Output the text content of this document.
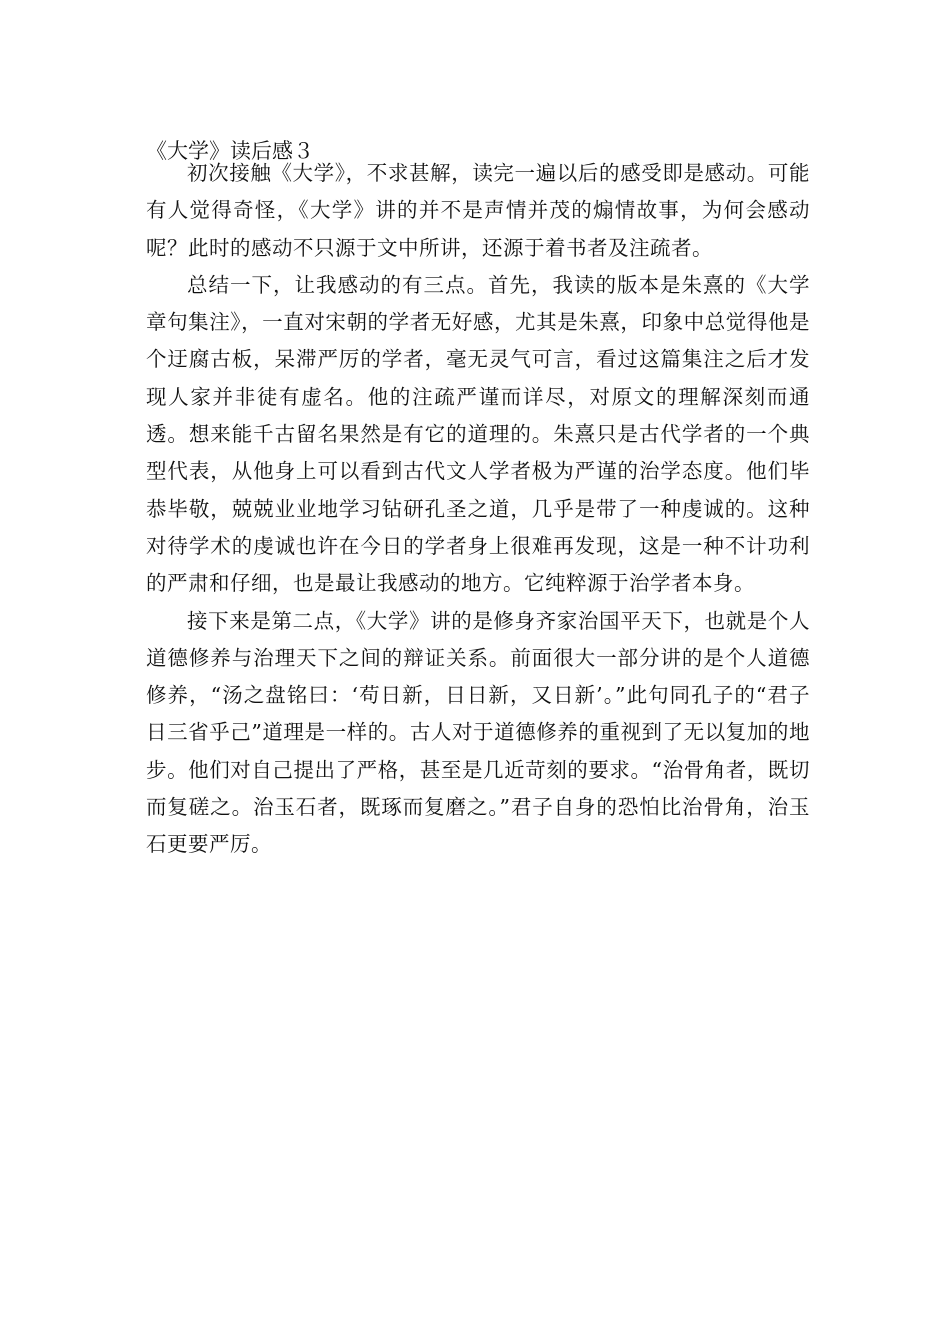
《大学》读后感３

初次接触《大学》，不求甚解，读完一遍以后的感受即是感动。可能有人觉得奇怪，《大学》讲的并不是声情并茂的煽情故事，为何会感动呢？此时的感动不只源于文中所讲，还源于着书者及注疏者。

总结一下，让我感动的有三点。首先，我读的版本是朱熹的《大学章句集注》，一直对宋朝的学者无好感，尤其是朱熹，印象中总觉得他是个迂腐古板，呆滞严厉的学者，毫无灵气可言，看过这篇集注之后才发现人家并非徒有虚名。他的注疏严谨而详尽，对原文的理解深刻而通透。想来能千古留名果然是有它的道理的。朱熹只是古代学者的一个典型代表，从他身上可以看到古代文人学者极为严谨的治学态度。他们毕恭毕敬，兢兢业业地学习钻研孔圣之道，几乎是带了一种虔诚的。这种对待学术的虔诚也许在今日的学者身上很难再发现，这是一种不计功利的严肃和仔细，也是最让我感动的地方。它纯粹源于治学者本身。

接下来是第二点，《大学》讲的是修身齐家治国平天下，也就是个人道德修养与治理天下之间的辩证关系。前面很大一部分讲的是个人道德修养，“汤之盘铭曰：‘苟日新，日日新，又日新’。”此句同孔子的“君子日三省乎己”道理是一样的。古人对于道德修养的重视到了无以复加的地步。他们对自己提出了严格，甚至是几近苛刻的要求。“治骨角者，既切而复磋之。治玉石者，既琢而复磨之。”君子自身的恐怕比治骨角，治玉石更要严厉。
